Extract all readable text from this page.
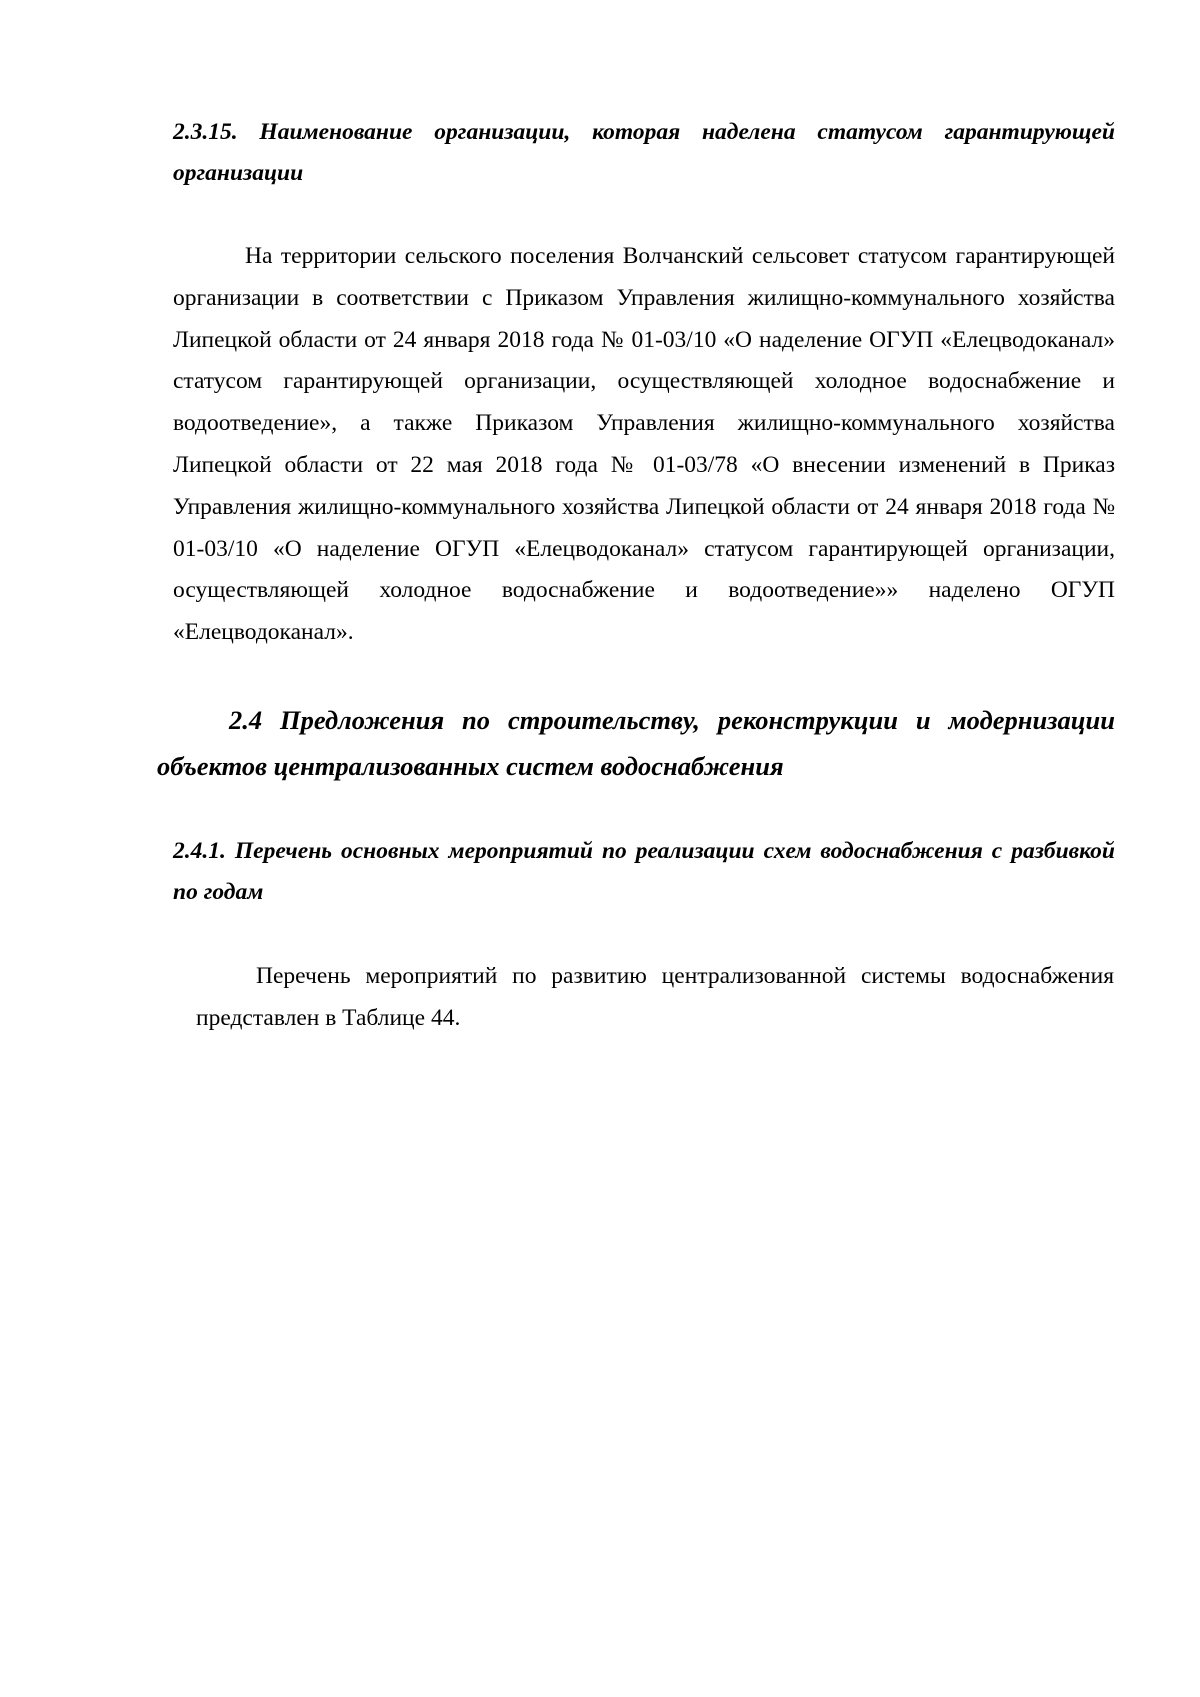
2.3.15. Наименование организации, которая наделена статусом гарантирующей организации

На территории сельского поселения Волчанский сельсовет статусом гарантирующей организации в соответствии с Приказом Управления жилищно-коммунального хозяйства Липецкой области от 24 января 2018 года № 01-03/10 «О наделение ОГУП «Елецводоканал» статусом гарантирующей организации, осуществляющей холодное водоснабжение и водоотведение», а также Приказом Управления жилищно-коммунального хозяйства Липецкой области от 22 мая 2018 года № 01-03/78 «О внесении изменений в Приказ Управления жилищно-коммунального хозяйства Липецкой области от 24 января 2018 года № 01-03/10 «О наделение ОГУП «Елецводоканал» статусом гарантирующей организации, осуществляющей холодное водоснабжение и водоотведение»» наделено ОГУП «Елецводоканал».

2.4 Предложения по строительству, реконструкции и модернизации объектов централизованных систем водоснабжения
2.4.1. Перечень основных мероприятий по реализации схем водоснабжения с разбивкой по годам

Перечень мероприятий по развитию централизованной системы водоснабжения представлен в Таблице 44.
